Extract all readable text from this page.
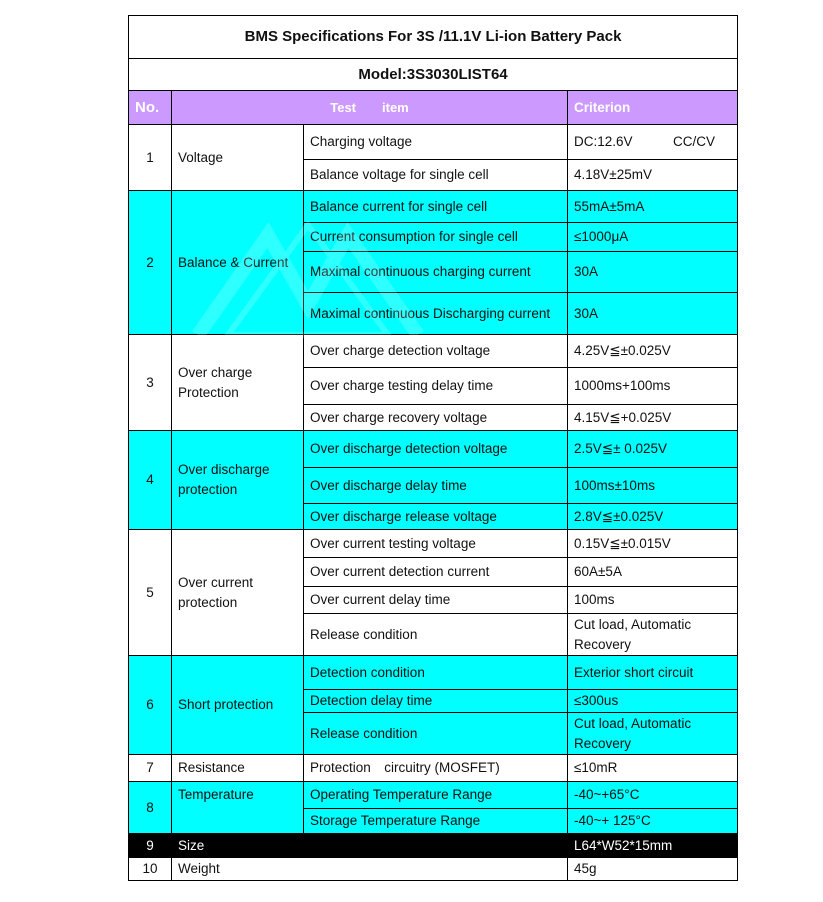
BMS Specifications For 3S /11.1V Li-ion Battery Pack			
Model:3S3030LIST64			
No.	Test　　item		Criterion
1	Voltage	Charging voltage	DC:12.6V　　　CC/CV
		Balance voltage for single cell	4.18V±25mV
2	Balance & Current	Balance current for single cell	55mA±5mA
		Current consumption for single cell	≤1000μA
		Maximal continuous charging current	30A
		Maximal continuous Discharging current	30A
3	Over charge
Protection	Over charge detection voltage	4.25V≦±0.025V
		Over charge testing delay time	1000ms+100ms
		Over charge recovery voltage	4.15V≦+0.025V
4	Over discharge
protection	Over discharge detection voltage	2.5V≦± 0.025V
		Over discharge delay time	100ms±10ms
		Over discharge release voltage	2.8V≦±0.025V
5	Over current
protection	Over current testing voltage	0.15V≦±0.015V
		Over current detection current	60A±5A
		Over current delay time	100ms
		Release condition	Cut load, Automatic
Recovery

6	Short protection	Detection condition	Exterior short circuit
		Detection delay time	≤300us
		Release condition	Cut load, Automatic
Recovery

7	Resistance	Protection　circuitry (MOSFET)	≤10mR
8	Temperature	Operating Temperature Range	-40~+65°C
		Storage Temperature Range	-40~+ 125°C
9	Size		L64*W52*15mm
10	Weight		45g
